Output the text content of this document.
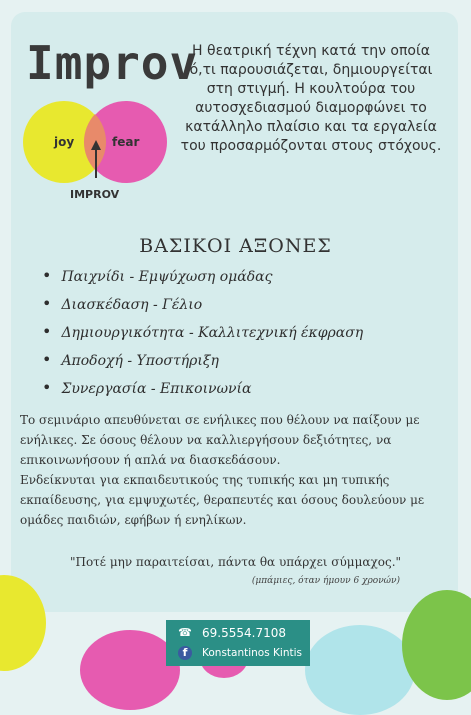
Improv
Η θεατρική τέχνη κατά την οποία ό,τι παρουσιάζεται, δημιουργείται στη στιγμή. Η κουλτούρα του αυτοσχεδιασμού διαμορφώνει το κατάλληλο πλαίσιο και τα εργαλεία του προσαρμόζονται στους στόχους.
joy	fear
IMPROV
ΒΑΣΙΚΟΙ ΑΞΟΝΕΣ
• Παιχνίδι - Εμψύχωση ομάδας
• Διασκέδαση - Γέλιο
• Δημιουργικότητα - Καλλιτεχνική έκφραση
• Αποδοχή - Υποστήριξη
• Συνεργασία - Επικοινωνία

Το σεμινάριο απευθύνεται σε ενήλικες που θέλουν να παίξουν με ενήλικες. Σε όσους θέλουν να καλλιεργήσουν δεξιότητες, να επικοινωνήσουν ή απλά να διασκεδάσουν.

Ενδείκνυται για εκπαιδευτικούς της τυπικής και μη τυπικής εκπαίδευσης, για εμψυχωτές, θεραπευτές και όσους δουλεύουν με ομάδες παιδιών, εφήβων ή ενηλίκων.

"Ποτέ μην παραιτείσαι, πάντα θα υπάρχει σύμμαχος."
(μπάμιες, όταν ήμουν 6 χρονών)
☎ 69.5554.7108
f	Konstantinos Kintis
